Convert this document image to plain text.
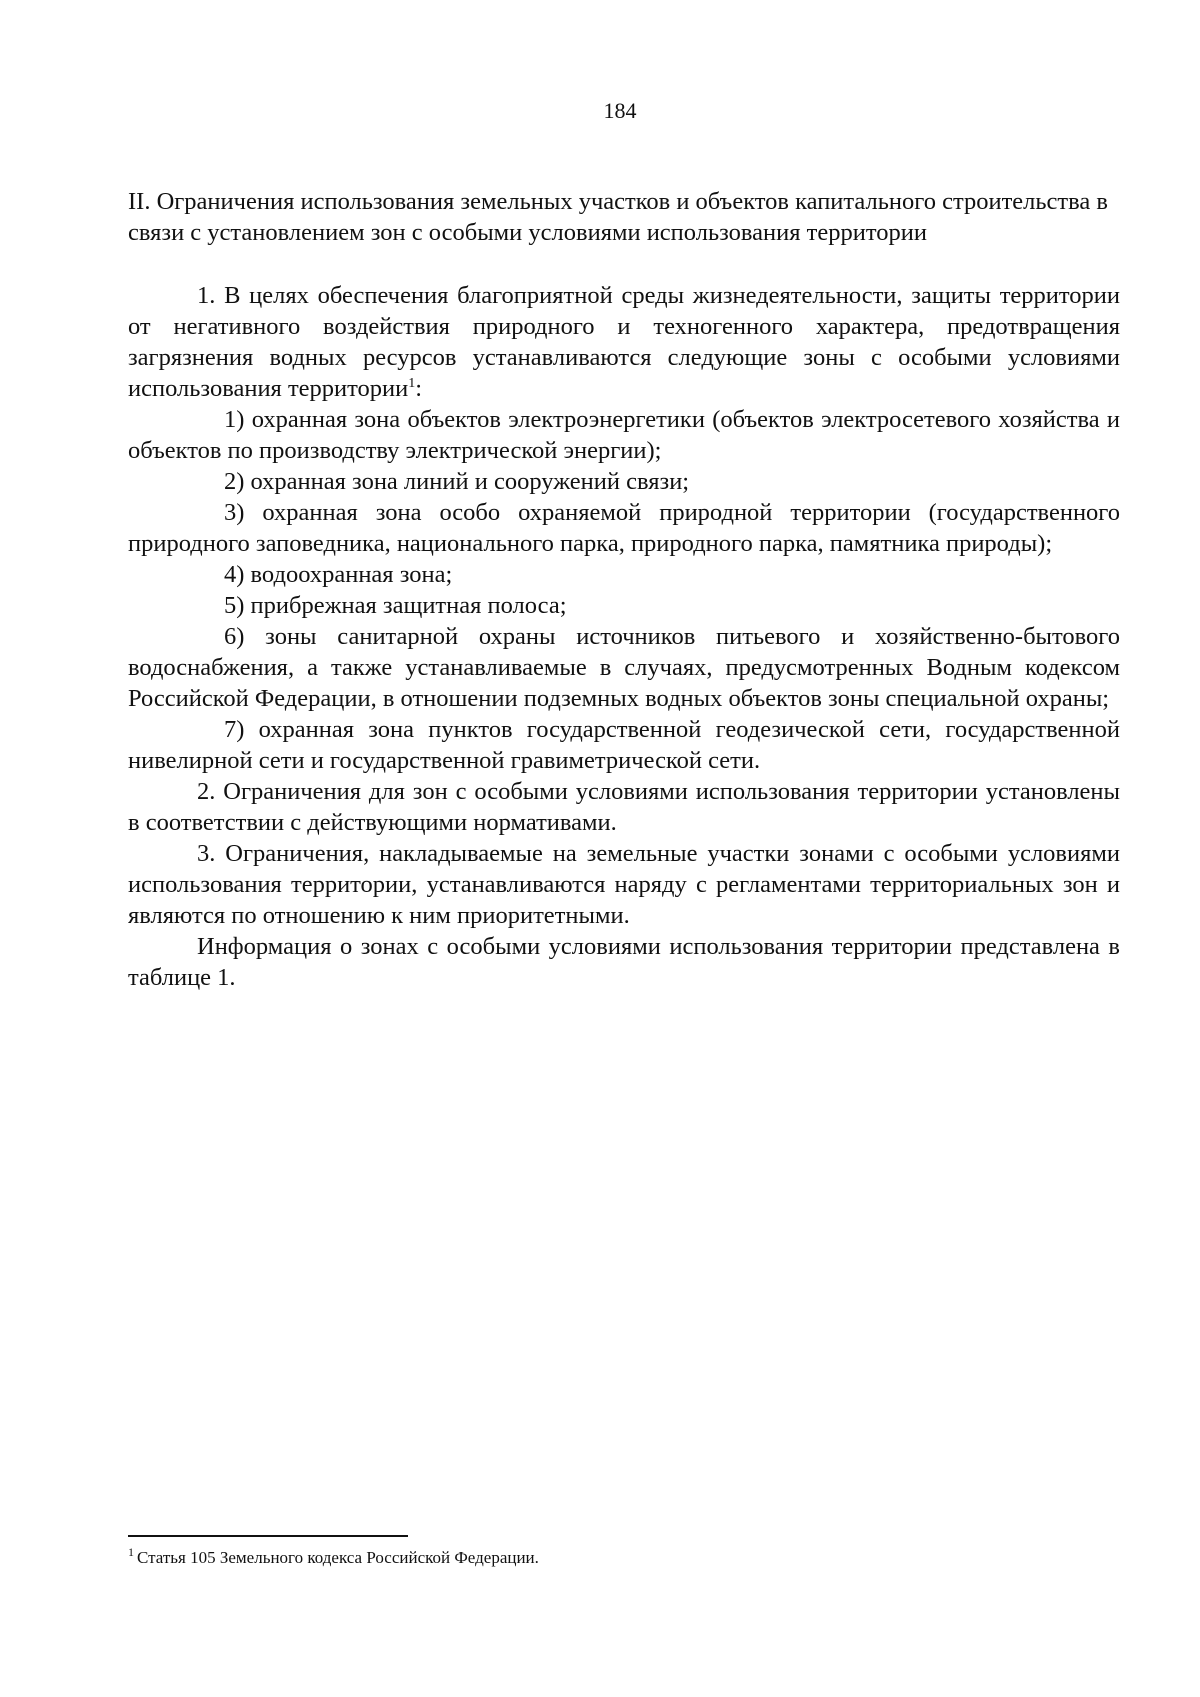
184

II. Ограничения использования земельных участков и объектов капитального строительства в связи с установлением зон с особыми условиями использования территории

1. В целях обеспечения благоприятной среды жизнедеятельности, защиты территории от негативного воздействия природного и техногенного характера, предотвращения загрязнения водных ресурсов устанавливаются следующие зоны с особыми условиями использования территории$^1$:

1) охранная зона объектов электроэнергетики (объектов электросетевого хозяйства и объектов по производству электрической энергии);

2) охранная зона линий и сооружений связи;

3) охранная зона особо охраняемой природной территории (государственного природного заповедника, национального парка, природного парка, памятника природы);

4) водоохранная зона;

5) прибрежная защитная полоса;

6) зоны санитарной охраны источников питьевого и хозяйственно-бытового водоснабжения, а также устанавливаемые в случаях, предусмотренных Водным кодексом Российской Федерации, в отношении подземных водных объектов зоны специальной охраны;

7) охранная зона пунктов государственной геодезической сети, государственной нивелирной сети и государственной гравиметрической сети.

2. Ограничения для зон с особыми условиями использования территории установлены в соответствии с действующими нормативами.

3. Ограничения, накладываемые на земельные участки зонами с особыми условиями использования территории, устанавливаются наряду с регламентами территориальных зон и являются по отношению к ним приоритетными.

Информация о зонах с особыми условиями использования территории представлена в таблице 1.

$^1$ Статья 105 Земельного кодекса Российской Федерации.
